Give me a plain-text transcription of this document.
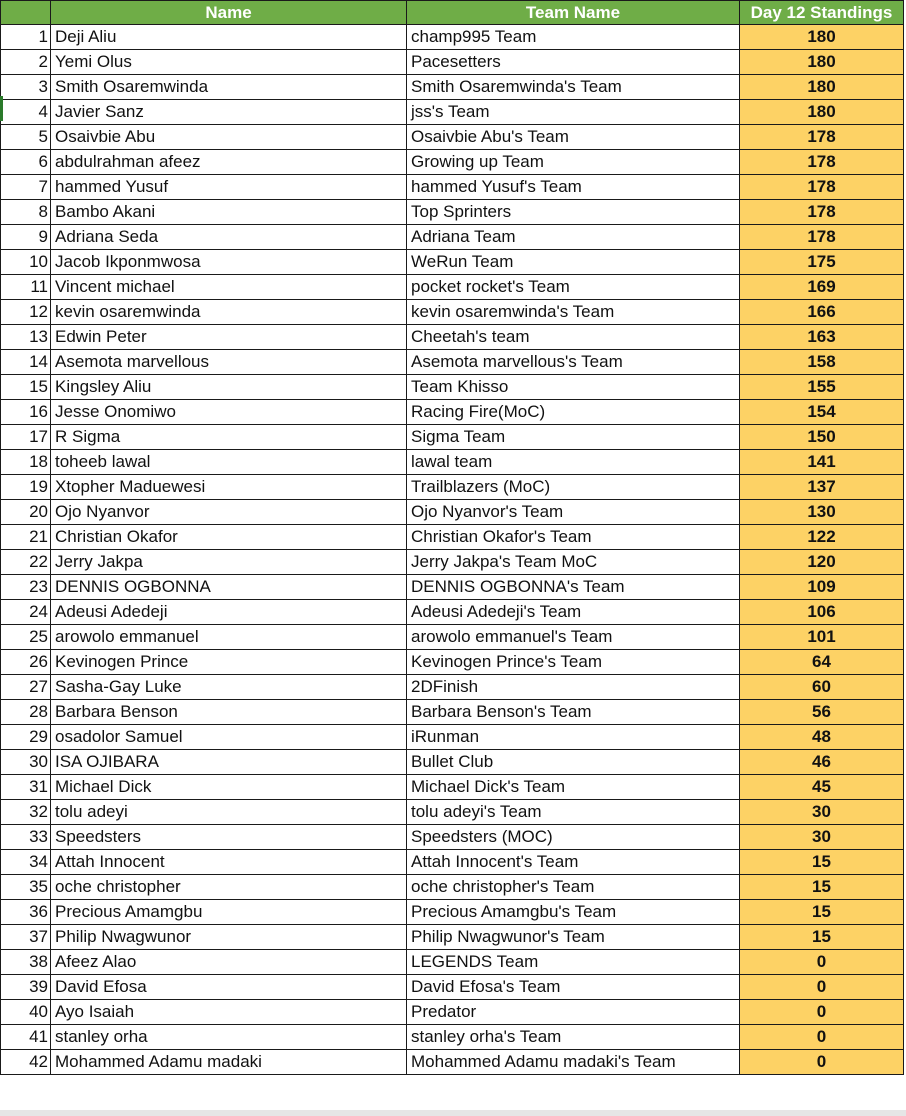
	Name	Team Name	Day 12 Standings
1	Deji Aliu	champ995 Team	180
2	Yemi Olus	Pacesetters	180
3	Smith Osaremwinda	Smith Osaremwinda's Team	180
4	Javier Sanz	jss's Team	180
5	Osaivbie Abu	Osaivbie Abu's Team	178
6	abdulrahman afeez	Growing up Team	178
7	hammed Yusuf	hammed Yusuf's Team	178
8	Bambo Akani	Top Sprinters	178
9	Adriana Seda	Adriana Team	178
10	Jacob Ikponmwosa	WeRun Team	175
11	Vincent michael	pocket rocket's Team	169
12	kevin osaremwinda	kevin osaremwinda's Team	166
13	Edwin Peter	Cheetah's team	163
14	Asemota marvellous	Asemota marvellous's Team	158
15	Kingsley Aliu	Team Khisso	155
16	Jesse Onomiwo	Racing Fire(MoC)	154
17	R Sigma	Sigma Team	150
18	toheeb lawal	lawal team	141
19	Xtopher Maduewesi	Trailblazers (MoC)	137
20	Ojo Nyanvor	Ojo Nyanvor's Team	130
21	Christian Okafor	Christian Okafor's Team	122
22	Jerry Jakpa	Jerry Jakpa's Team MoC	120
23	DENNIS OGBONNA	DENNIS OGBONNA's Team	109
24	Adeusi Adedeji	Adeusi Adedeji's Team	106
25	arowolo emmanuel	arowolo emmanuel's Team	101
26	Kevinogen Prince	Kevinogen Prince's Team	64
27	Sasha-Gay Luke	2DFinish	60
28	Barbara Benson	Barbara Benson's Team	56
29	osadolor Samuel	iRunman	48
30	ISA OJIBARA	Bullet Club	46
31	Michael Dick	Michael Dick's Team	45
32	tolu adeyi	tolu adeyi's Team	30
33	Speedsters	Speedsters (MOC)	30
34	Attah Innocent	Attah Innocent's Team	15
35	oche christopher	oche christopher's Team	15
36	Precious Amamgbu	Precious Amamgbu's Team	15
37	Philip Nwagwunor	Philip Nwagwunor's Team	15
38	Afeez Alao	LEGENDS Team	0
39	David Efosa	David Efosa's Team	0
40	Ayo Isaiah	Predator	0
41	stanley orha	stanley orha's Team	0
42	Mohammed Adamu madaki	Mohammed Adamu madaki's Team	0
